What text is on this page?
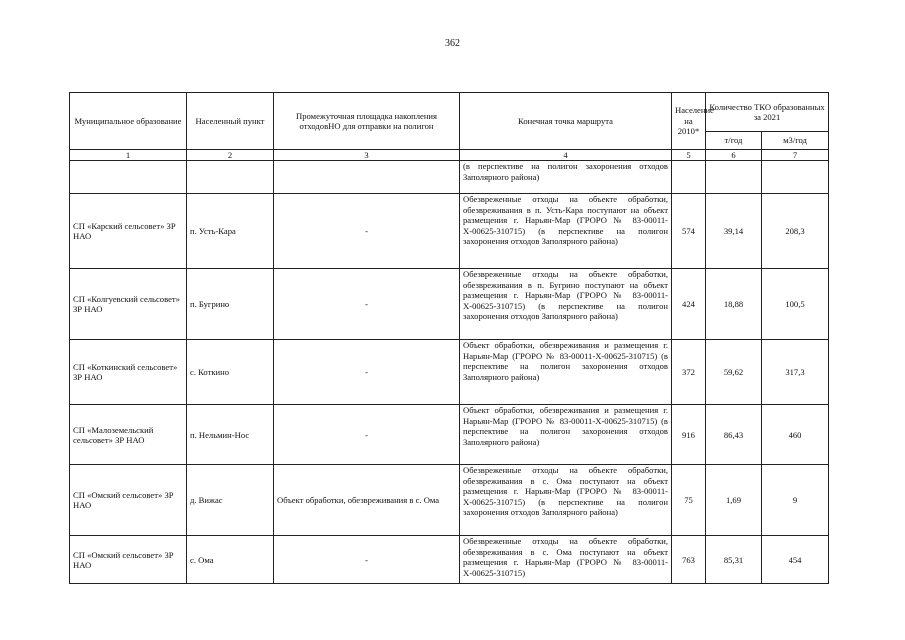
362
Муниципальное образование	Населенный пункт	Промежуточная площадка накопления отходовНО для отправки на полигон	Конечная точка маршрута	Население на 2010*	Количество ТКО образованных за 2021	
					т/год	м3/год
1	2	3	4	5	6	7
			(в перспективе на полигон захоронения отходов Заполярного района)			
СП «Карский сельсовет» ЗР НАО	п. Усть-Кара	-	Обезвреженные отходы на объекте обработки, обезвреживания в п. Усть-Кара поступают на объект размещения г. Нарьян-Мар (ГРОРО № 83-00011-Х-00625-310715) (в перспективе на полигон захоронения отходов Заполярного района)	574	39,14	208,3
СП «Колгуевский сельсовет» ЗР НАО	п. Бугрино	-	Обезвреженные отходы на объекте обработки, обезвреживания в п. Бугрино поступают на объект размещения г. Нарьян-Мар (ГРОРО № 83-00011-Х-00625-310715) (в перспективе на полигон захоронения отходов Заполярного района)	424	18,88	100,5
СП «Коткинский сельсовет» ЗР НАО	с. Коткино	-	Объект обработки, обезвреживания и размещения г. Нарьян-Мар (ГРОРО № 83-00011-Х-00625-310715) (в перспективе на полигон захоронения отходов Заполярного района)	372	59,62	317,3
СП «Малоземельский сельсовет» ЗР НАО	п. Нельмин-Нос	-	Объект обработки, обезвреживания и размещения г. Нарьян-Мар (ГРОРО № 83-00011-Х-00625-310715) (в перспективе на полигон захоронения отходов Заполярного района)	916	86,43	460
СП «Омский сельсовет» ЗР НАО	д. Вижас	Объект обработки, обезвреживания в с. Ома	Обезвреженные отходы на объекте обработки, обезвреживания в с. Ома поступают на объект размещения г. Нарьян-Мар (ГРОРО № 83-00011-Х-00625-310715) (в перспективе на полигон захоронения отходов Заполярного района)	75	1,69	9
СП «Омский сельсовет» ЗР НАО	с. Ома	-	Обезвреженные отходы на объекте обработки, обезвреживания в с. Ома поступают на объект размещения г. Нарьян-Мар (ГРОРО № 83-00011-Х-00625-310715)	763	85,31	454
